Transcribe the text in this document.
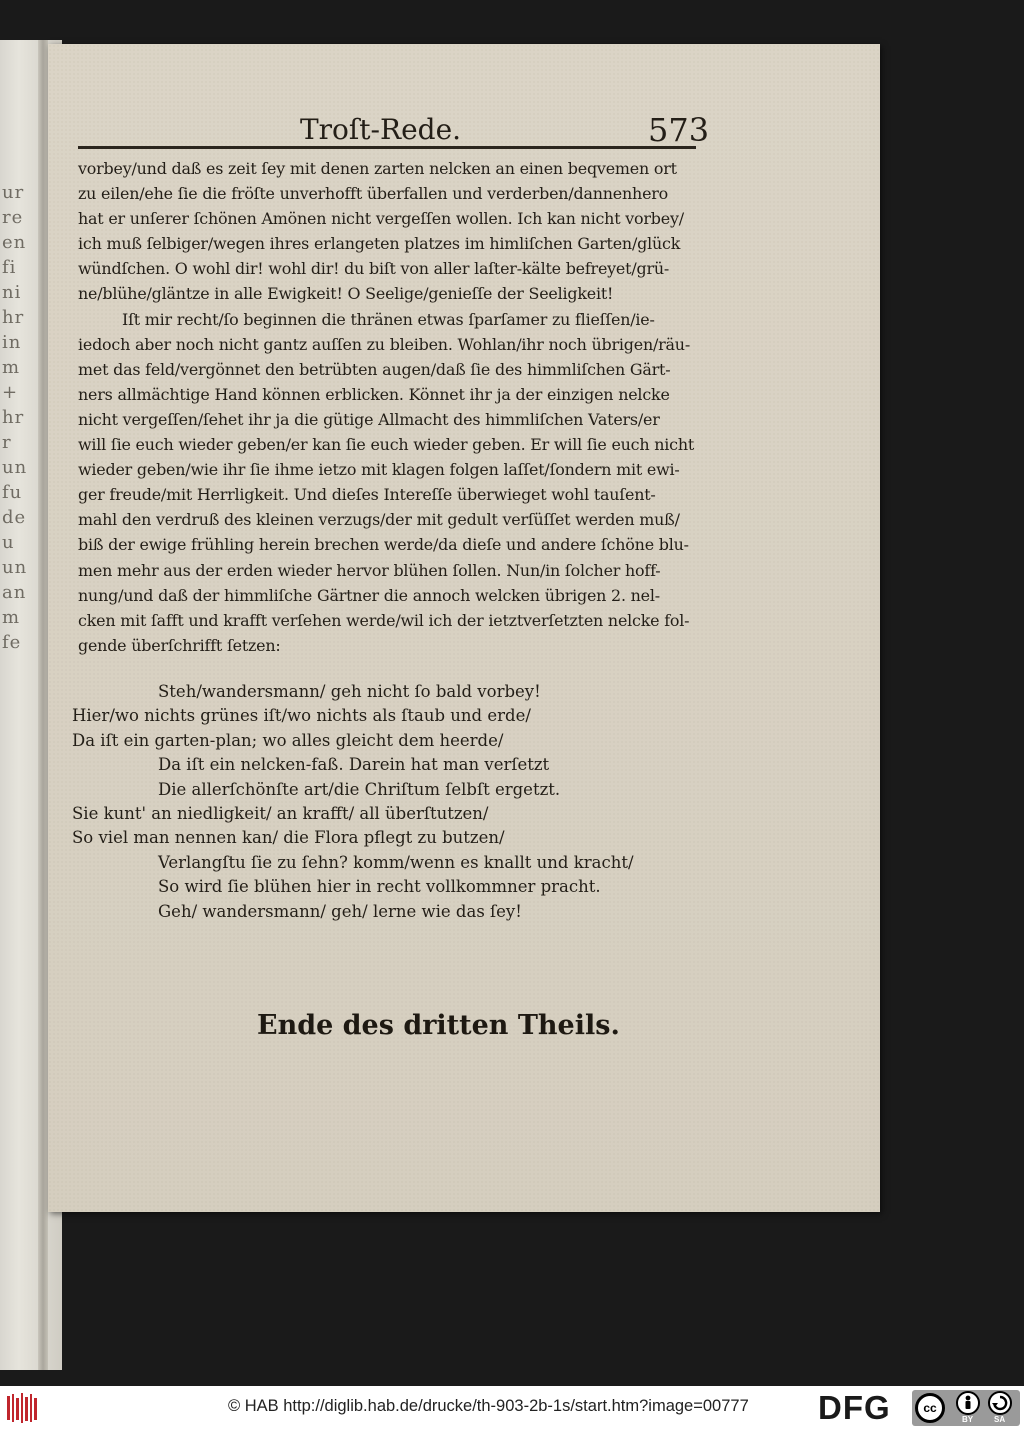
ur
re
en
fi
ni
hr
in
m
+
hr
r
un
fu
de
u
un
an
m
fe
Troſt-Rede.	573
vorbey/und daß es zeit ſey mit denen zarten nelcken an einen beqvemen ort
zu eilen/ehe ſie die fröſte unverhofft überfallen und verderben/dannenhero
hat er unſerer ſchönen Amönen nicht vergeſſen wollen. Ich kan nicht vorbey/
ich muß ſelbiger/wegen ihres erlangeten platzes im himliſchen Garten/glück
wündſchen. O wohl dir! wohl dir! du biſt von aller laſter-kälte befreyet/grü-
ne/blühe/gläntze in alle Ewigkeit! O Seelige/genieſſe der Seeligkeit!
Iſt mir recht/ſo beginnen die thränen etwas ſparſamer zu flieſſen/ie-
iedoch aber noch nicht gantz auſſen zu bleiben. Wohlan/ihr noch übrigen/räu-
met das feld/vergönnet den betrübten augen/daß ſie des himmliſchen Gärt-
ners allmächtige Hand können erblicken. Könnet ihr ja der einzigen nelcke
nicht vergeſſen/ſehet ihr ja die gütige Allmacht des himmliſchen Vaters/er
will ſie euch wieder geben/er kan ſie euch wieder geben. Er will ſie euch nicht
wieder geben/wie ihr ſie ihme ietzo mit klagen folgen laſſet/ſondern mit ewi-
ger freude/mit Herrligkeit. Und dieſes Intereſſe überwieget wohl tauſent-
mahl den verdruß des kleinen verzugs/der mit gedult verſüſſet werden muß/
biß der ewige frühling herein brechen werde/da dieſe und andere ſchöne blu-
men mehr aus der erden wieder hervor blühen ſollen. Nun/in ſolcher hoff-
nung/und daß der himmliſche Gärtner die annoch welcken übrigen 2. nel-
cken mit ſafft und krafft verſehen werde/wil ich der ietztverſetzten nelcke fol-
gende überſchrifft ſetzen:
Steh/wandersmann/ geh nicht ſo bald vorbey!
Hier/wo nichts grünes iſt/wo nichts als ſtaub und erde/
Da iſt ein garten-plan; wo alles gleicht dem heerde/
Da iſt ein nelcken-faß. Darein hat man verſetzt
Die allerſchönſte art/die Chriſtum ſelbſt ergetzt.
Sie kunt' an niedligkeit/ an krafft/ all überſtutzen/
So viel man nennen kan/ die Flora pflegt zu butzen/
Verlangſtu ſie zu ſehn? komm/wenn es knallt und kracht/
So wird ſie blühen hier in recht vollkommner pracht.
Geh/ wandersmann/ geh/ lerne wie das ſey!
Ende des dritten Theils.
© HAB http://diglib.hab.de/drucke/th-903-2b-1s/start.htm?image=00777 DFG	cc
BY	SA
